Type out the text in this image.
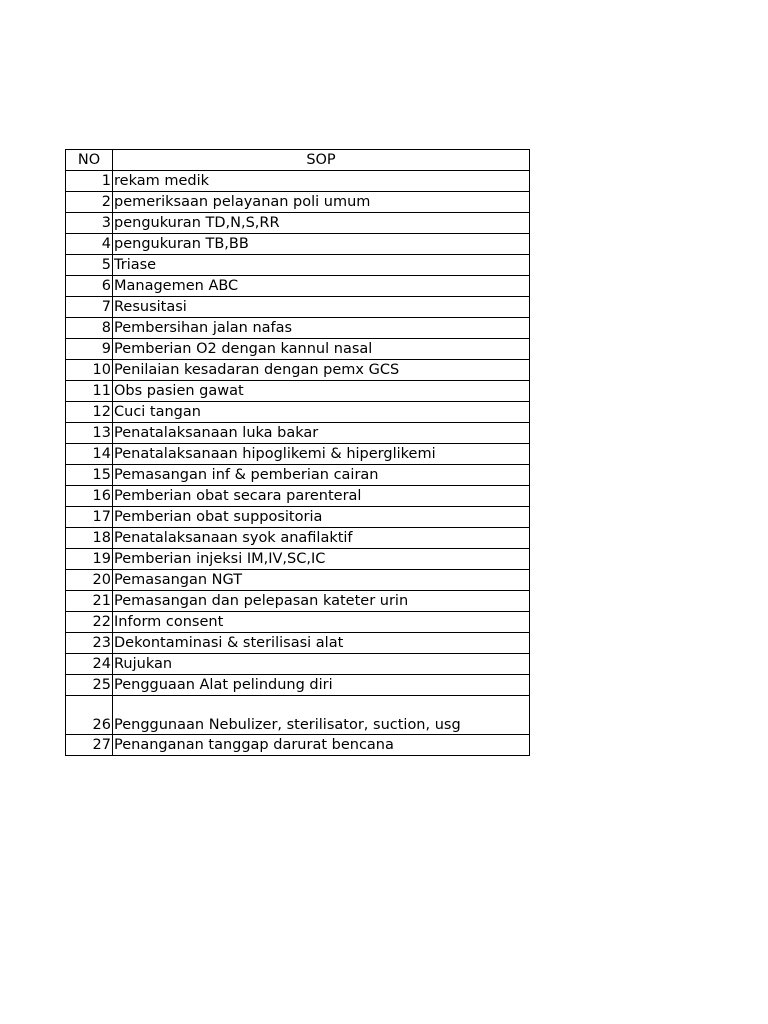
NO	SOP
1	rekam medik
2	pemeriksaan pelayanan poli umum
3	pengukuran TD,N,S,RR
4	pengukuran TB,BB
5	Triase
6	Managemen ABC
7	Resusitasi
8	Pembersihan jalan nafas
9	Pemberian O2 dengan kannul nasal
10	Penilaian kesadaran dengan pemx GCS
11	Obs pasien gawat
12	Cuci tangan
13	Penatalaksanaan luka bakar
14	Penatalaksanaan hipoglikemi & hiperglikemi
15	Pemasangan inf & pemberian cairan
16	Pemberian obat secara parenteral
17	Pemberian obat suppositoria
18	Penatalaksanaan syok anafilaktif
19	Pemberian injeksi IM,IV,SC,IC
20	Pemasangan NGT
21	Pemasangan dan pelepasan kateter urin
22	Inform consent
23	Dekontaminasi & sterilisasi alat
24	Rujukan
25	Pengguaan Alat pelindung diri
26	Penggunaan Nebulizer, sterilisator, suction, usg
27	Penanganan tanggap darurat bencana
